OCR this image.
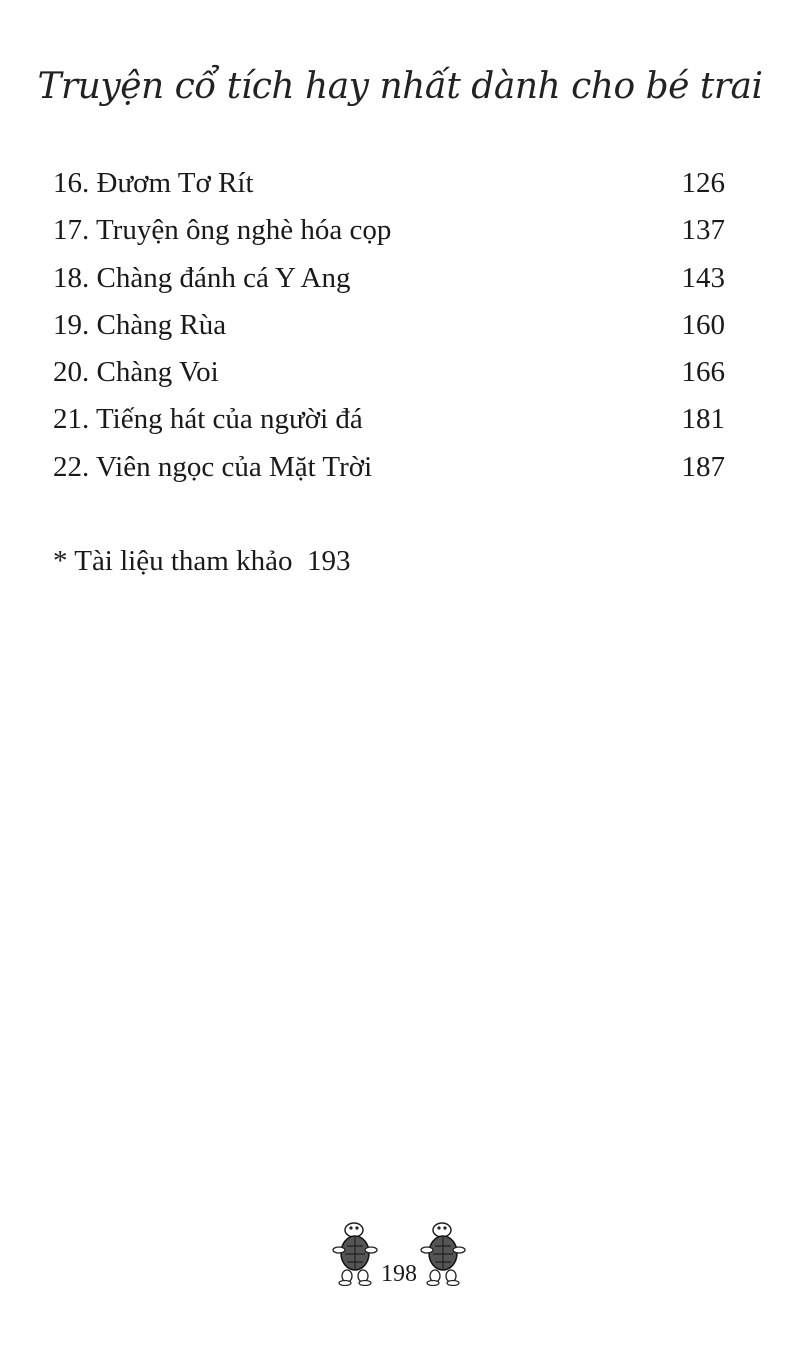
Truyện cổ tích hay nhất dành cho bé trai
16. Đươm Tơ Rít	126
17. Truyện ông nghè hóa cọp	137
18. Chàng đánh cá Y Ang	143
19. Chàng Rùa	160
20. Chàng Voi	166
21. Tiếng hát của người đá	181
22. Viên ngọc của Mặt Trời	187
* Tài liệu tham khảo  193
198
